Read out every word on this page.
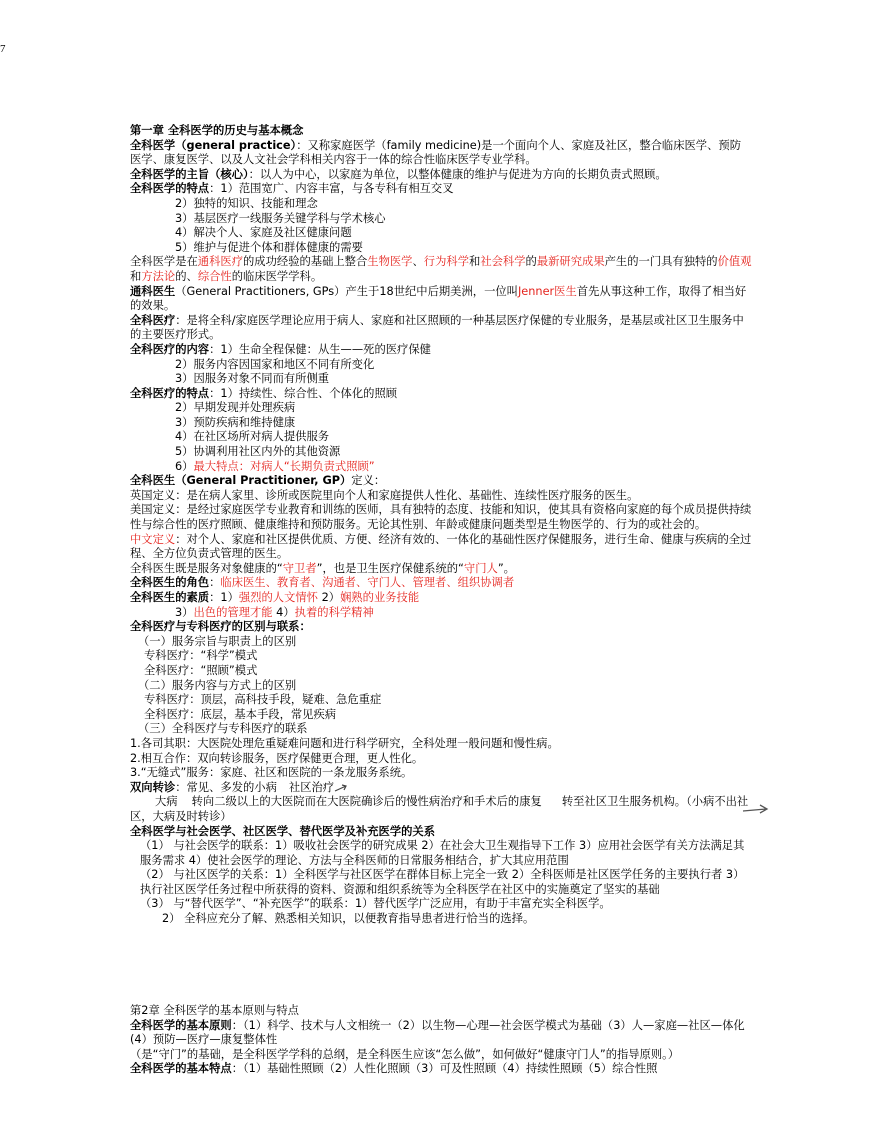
7

第一章 全科医学的历史与基本概念

全科医学（general practice）：又称家庭医学（family medicine)是一个面向个人、家庭及社区，整合临床医学、预防医学、康复医学、以及人文社会学科相关内容于一体的综合性临床医学专业学科。

全科医学的主旨（核心）：以人为中心，以家庭为单位，以整体健康的维护与促进为方向的长期负责式照顾。

全科医学的特点：1）范围宽广、内容丰富，与各专科有相互交叉

2）独特的知识、技能和理念

3）基层医疗一线服务关键学科与学术核心

4）解决个人、家庭及社区健康问题

5）维护与促进个体和群体健康的需要

全科医学是在通科医疗的成功经验的基础上整合生物医学、行为科学和社会科学的最新研究成果产生的一门具有独特的价值观和方法论的、综合性的临床医学学科。

通科医生（General Practitioners, GPs）产生于18世纪中后期美洲，一位叫Jenner医生首先从事这种工作，取得了相当好的效果。

全科医疗：是将全科/家庭医学理论应用于病人、家庭和社区照顾的一种基层医疗保健的专业服务，是基层或社区卫生服务中的主要医疗形式。

全科医疗的内容：1）生命全程保健：从生——死的医疗保健

2）服务内容因国家和地区不同有所变化

3）因服务对象不同而有所侧重

全科医疗的特点：1）持续性、综合性、个体化的照顾

2）早期发现并处理疾病

3）预防疾病和维持健康

4）在社区场所对病人提供服务

5）协调利用社区内外的其他资源

6）最大特点：对病人“长期负责式照顾”

全科医生（General Practitioner, GP）定义：

英国定义：是在病人家里、诊所或医院里向个人和家庭提供人性化、基础性、连续性医疗服务的医生。

美国定义：是经过家庭医学专业教育和训练的医师，具有独特的态度、技能和知识，使其具有资格向家庭的每个成员提供持续性与综合性的医疗照顾、健康维持和预防服务。无论其性别、年龄或健康问题类型是生物医学的、行为的或社会的。

中文定义：对个人、家庭和社区提供优质、方便、经济有效的、一体化的基础性医疗保健服务，进行生命、健康与疾病的全过程、全方位负责式管理的医生。

全科医生既是服务对象健康的“守卫者”，也是卫生医疗保健系统的“守门人”。

全科医生的角色：临床医生、教育者、沟通者、守门人、管理者、组织协调者

全科医生的素质：1）强烈的人文情怀 2）娴熟的业务技能

3）出色的管理才能 4）执着的科学精神

全科医疗与专科医疗的区别与联系：

（一）服务宗旨与职责上的区别

专科医疗：“科学”模式

全科医疗：“照顾”模式

（二）服务内容与方式上的区别

专科医疗：顶层，高科技手段，疑难、急危重症

全科医疗：底层，基本手段，常见疾病

（三）全科医疗与专科医疗的联系

1.各司其职：大医院处理危重疑难问题和进行科学研究，全科处理一般问题和慢性病。

2.相互合作：双向转诊服务，医疗保健更合理，更人性化。

3.“无缝式”服务：家庭、社区和医院的一条龙服务系统。

双向转诊：常见、多发的小病 社区治疗

大病 转向二级以上的大医院而在大医院确诊后的慢性病治疗和手术后的康复 转至社区卫生服务机构。（小病不出社区，大病及时转诊）

全科医学与社会医学、社区医学、替代医学及补充医学的关系

（1） 与社会医学的联系：1）吸收社会医学的研究成果 2）在社会大卫生观指导下工作 3）应用社会医学有关方法满足其服务需求 4）使社会医学的理论、方法与全科医师的日常服务相结合，扩大其应用范围

（2） 与社区医学的关系：1）全科医学与社区医学在群体目标上完全一致 2）全科医师是社区医学任务的主要执行者 3）执行社区医学任务过程中所获得的资料、资源和组织系统等为全科医学在社区中的实施奠定了坚实的基础

（3） 与“替代医学”、“补充医学”的联系：1）替代医学广泛应用，有助于丰富充实全科医学。

2） 全科应充分了解、熟悉相关知识，以便教育指导患者进行恰当的选择。

第2章 全科医学的基本原则与特点

全科医学的基本原则：（1）科学、技术与人文相统一（2）以生物—心理—社会医学模式为基础（3）人—家庭—社区—体化 (4）预防—医疗—康复整体性

（是“守门”的基础，是全科医学学科的总纲，是全科医生应该“怎么做”，如何做好“健康守门人”的指导原则。）

全科医学的基本特点：（1）基础性照顾（2）人性化照顾（3）可及性照顾（4）持续性照顾（5）综合性照
